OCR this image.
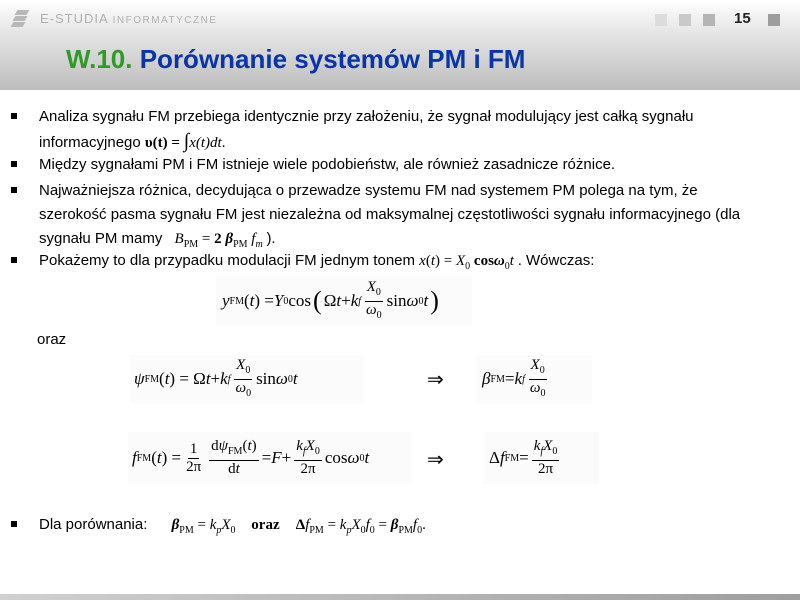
E-STUDIA INFORMATYCZNE	15
W.10. Porównanie systemów PM i FM
Analiza sygnału FM przebiega identycznie przy założeniu, że sygnał modulujący jest całką sygnału
informacyjnego υ(t) = ∫x(t)dt.
Między sygnałami PM i FM istnieje wiele podobieństw, ale również zasadnicze różnice.
Najważniejsza różnica, decydująca o przewadze systemu FM nad systemem PM polega na tym, że
szerokość pasma sygnału FM jest niezależna od maksymalnej częstotliwości sygnału informacyjnego (dla
sygnału PM mamy $B_{PM} = 2$ $\beta_{PM}$ $f_m$ ).
Pokażemy to dla przypadku modulacji FM jednym tonem $x(t) = X_0$ cosω$_0$t . Wówczas:
Dla porównania: $\beta_{PM} = k_pX_0$ oraz $\Delta f_{PM} = k_pX_0f_0 = \beta_{PM}f_0$.
y FM ( t ) = Y 0 cos ( Ω t + k f $\frac{X_0}{\omega_0}$ sin ω 0 t )
oraz
ψ FM ( t ) = Ω t + k f $\frac{X_0}{\omega_0}$ sin ω 0 t	⇒ β FM = k f $\frac{X_0}{\omega_0}$
f FM ( t ) = $\frac{1}{2\pi} \frac{d\psi_{FM}(t)}{dt} = F + \frac{k_fX_0}{2\pi}$ cos ω 0 t	⇒	Δ f FM = $\frac{k_fX_0}{2\pi}$
